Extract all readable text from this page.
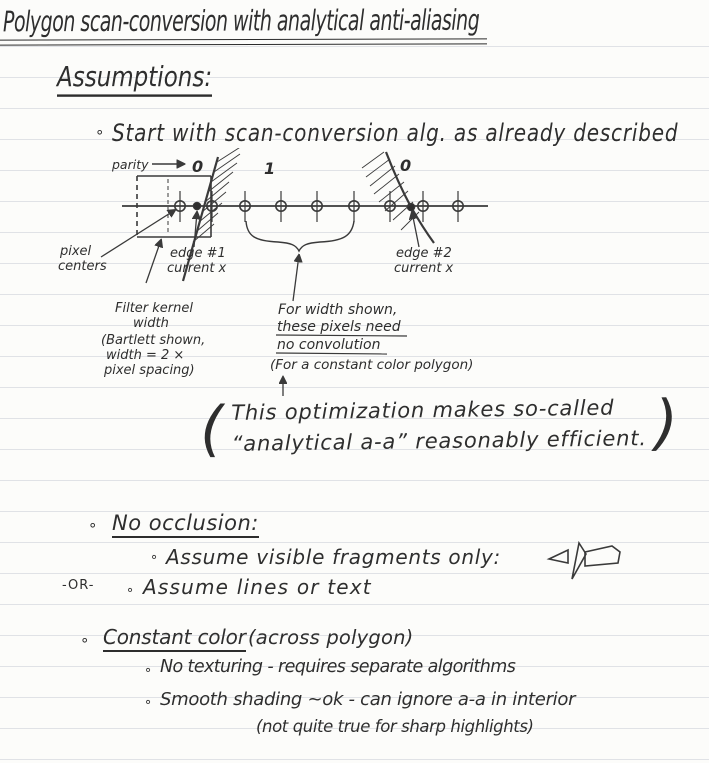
Polygon scan-conversion with analytical anti-aliasing
Assumptions:
∘ Start with scan-conversion alg. as already described
parity	0	1	0
pixel
centers
edge #1
current x
edge #2
current x
Filter kernel
width
(Bartlett shown,
width = 2 ×
pixel spacing)
For width shown,
these pixels need
no convolution
(For a constant color polygon)
( This optimization makes so-called
“analytical a-a” reasonably efficient. )
∘ No occlusion:
∘ Assume visible fragments only:
-OR- ∘ Assume lines or text
∘ Constant color (across polygon)
∘ No texturing - requires separate algorithms
∘ Smooth shading ~ok - can ignore a-a in interior
(not quite true for sharp highlights)
